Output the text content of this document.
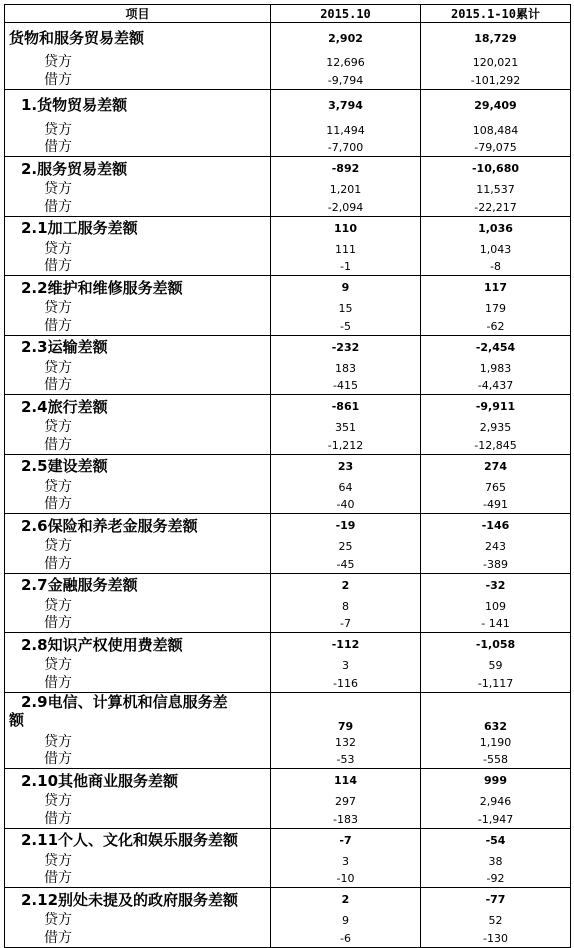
项目	2015.10	2015.1-10累计

货物和服务贸易差额	2,902	18,729

贷方	12,696	120,021

借方	-9,794	-101,292

1.货物贸易差额	3,794	29,409

贷方	11,494	108,484

借方	-7,700	-79,075

2.服务贸易差额	-892	-10,680

贷方	1,201	11,537

借方	-2,094	-22,217

2.1加工服务差额	110	1,036

贷方	111	1,043

借方	-1	-8

2.2维护和维修服务差额	9	117

贷方	15	179

借方	-5	-62

2.3运输差额	-232	-2,454

贷方	183	1,983

借方	-415	-4,437

2.4旅行差额	-861	-9,911

贷方	351	2,935

借方	-1,212	-12,845

2.5建设差额	23	274

贷方	64	765

借方	-40	-491

2.6保险和养老金服务差额	-19	-146

贷方	25	243

借方	-45	-389

2.7金融服务差额	2	-32

贷方	8	109

借方	-7	- 141

2.8知识产权使用费差额	-112	-1,058

贷方	3	59

借方	-116	-1,117

2.9电信、计算机和信息服务差
额	79	632

贷方	132	1,190

借方	-53	-558

2.10其他商业服务差额	114	999

贷方	297	2,946

借方	-183	-1,947

2.11个人、文化和娱乐服务差额	-7	-54

贷方	3	38

借方	-10	-92

2.12别处未提及的政府服务差额	2	-77

贷方	9	52

借方	-6	-130
